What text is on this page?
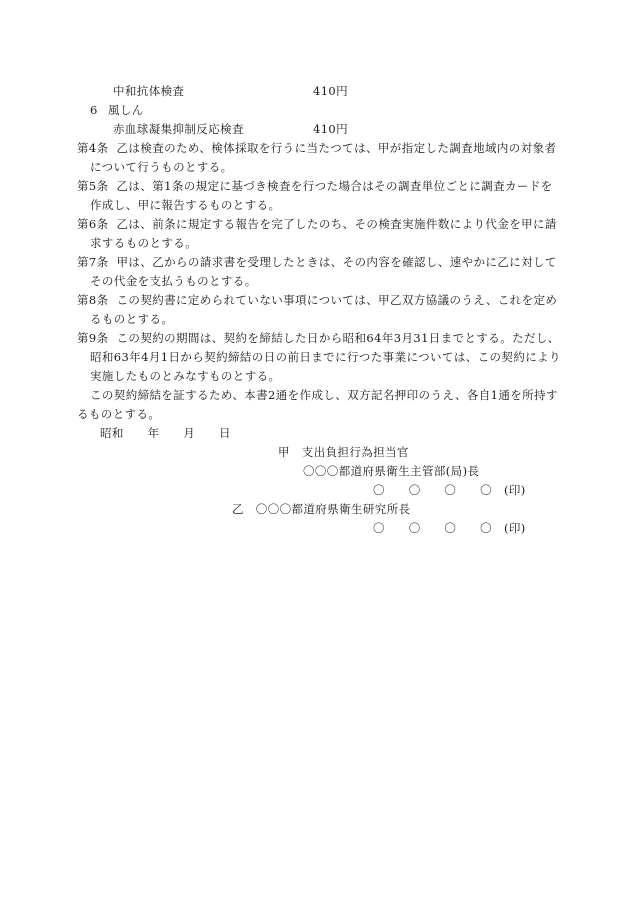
中和抗体検査	410円
6 風しん
赤血球凝集抑制反応検査	410円
第4条 乙は検査のため、検体採取を行うに当たつては、甲が指定した調査地域内の対象者
について行うものとする。
第5条 乙は、第1条の規定に基づき検査を行つた場合はその調査単位ごとに調査カードを
作成し、甲に報告するものとする。
第6条 乙は、前条に規定する報告を完了したのち、その検査実施件数により代金を甲に請
求するものとする。
第7条 甲は、乙からの請求書を受理したときは、その内容を確認し、速やかに乙に対して
その代金を支払うものとする。
第8条 この契約書に定められていない事項については、甲乙双方協議のうえ、これを定め
るものとする。
第9条 この契約の期間は、契約を締結した日から昭和64年3月31日までとする。ただし、
昭和63年4月1日から契約締結の日の前日までに行つた事業については、この契約により
実施したものとみなすものとする。
この契約締結を証するため、本書2通を作成し、双方記名押印のうえ、各自1通を所持す
るものとする。
昭和　　年　　月　　日
甲　支出負担行為担当官
〇〇〇都道府県衛生主管部(局)長
〇　　〇　　〇　　〇 (印)
乙　〇〇〇都道府県衛生研究所長
〇　　〇　　〇　　〇 (印)
